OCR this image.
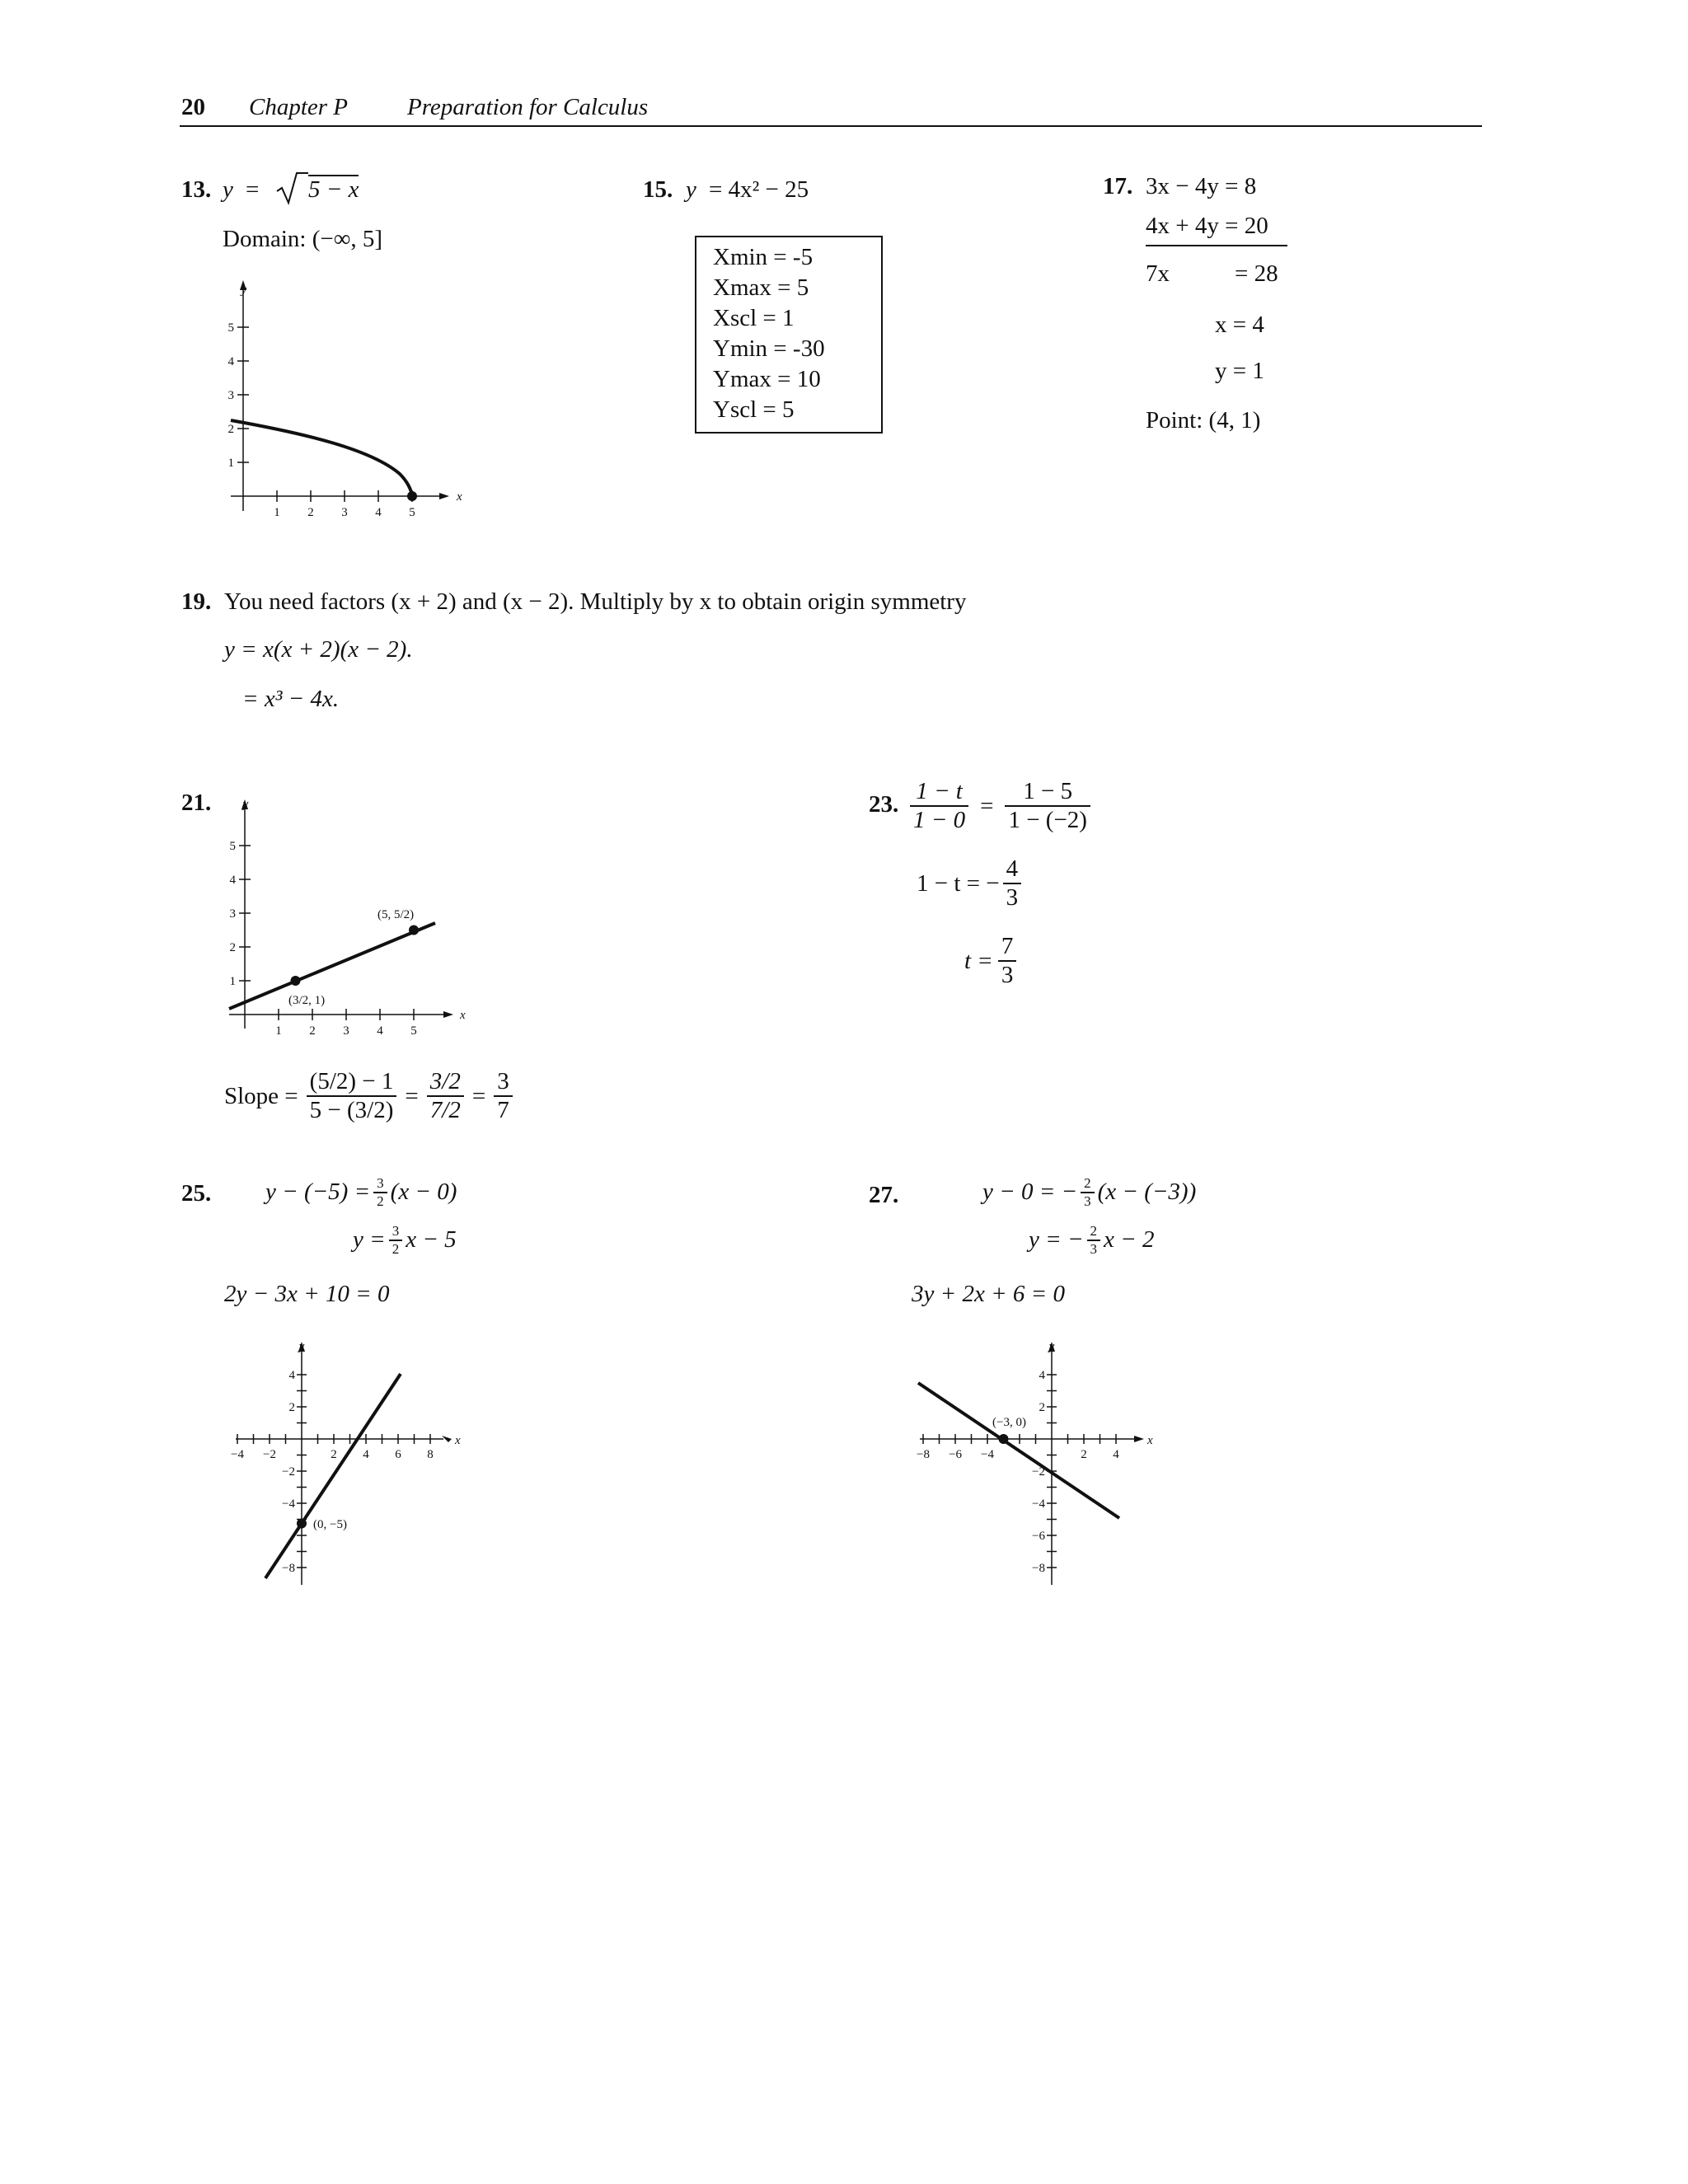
20 Chapter P Preparation for Calculus
13. y = 5 − x
Domain: (−∞, 5]
y
x
1 2 3 4 5
1
2
3
4
5
15. y = 4x² − 25
Xmin = -5
Xmax = 5
Xscl = 1
Ymin = -30
Ymax = 10
Yscl = 5
17. 3x − 4y = 8
4x + 4y = 20
7x	= 28
x = 4
y = 1
Point: (4, 1)
19. You need factors (x + 2) and (x − 2). Multiply by x to obtain origin symmetry
y = x(x + 2)(x − 2).
= x³ − 4x.
21.	y
x
1 2 3 4 5
1
2
3
4
5
(3/2, 1)
(5, 5/2)
Slope = $\frac{(5/2) - 1}{5 - (3/2)} = \frac{3/2}{7/2} = \frac{3}{7}$
23. $\frac{1 - t}{1 - 0} = \frac{1 - 5}{1 - (-2)}$
1 − t = − $\frac{4}{3}$
$t = \frac{7}{3}$
25. $y - (-5) = \frac{3}{2} (x - 0)$
$y = \frac{3}{2}$ x − 5
2y − 3x + 10 = 0
y
x
−4 −2	2 4 6 8
4
2
−2
−4
−8
(0, −5)
27.	y − 0 = − $\frac{2}{3} (x - (-3))$
y = − $\frac{2}{3}$ x − 2
3y + 2x + 6 = 0
y
x
−8 −6 −4	2 4
4
2
−2
−4
−6
−8
(−3, 0)
